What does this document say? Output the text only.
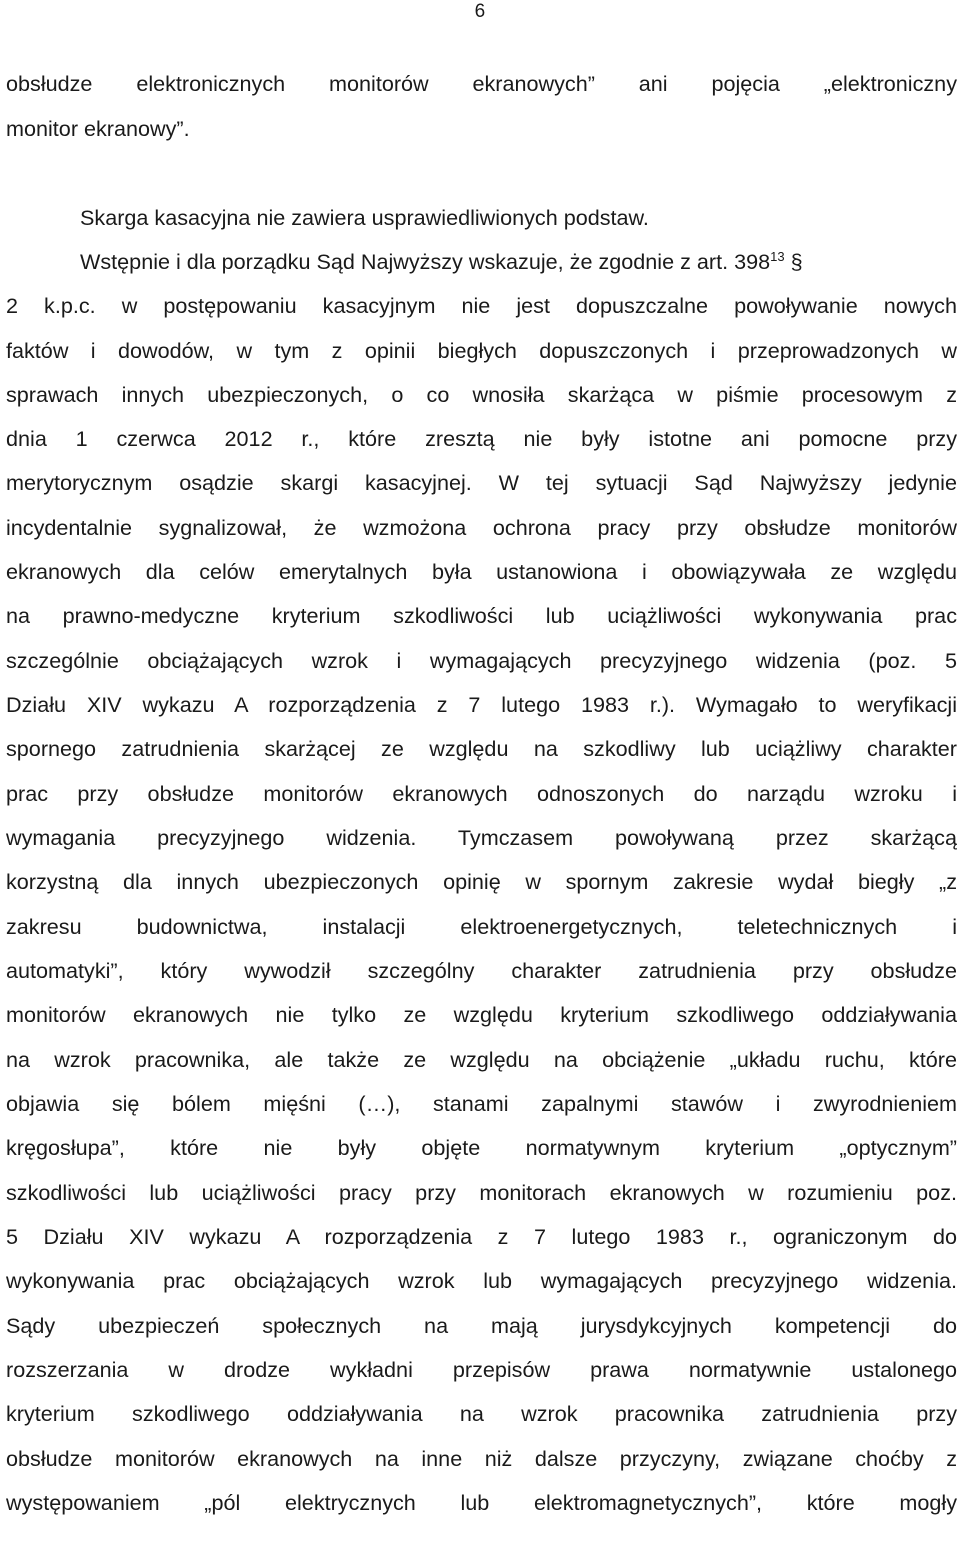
6
obsłudze elektronicznych monitorów ekranowych” ani pojęcia „elektroniczny
monitor ekranowy”.
Skarga kasacyjna nie zawiera usprawiedliwionych podstaw.
Wstępnie i dla porządku Sąd Najwyższy wskazuje, że zgodnie z art. $398^{13}$ §
2 k.p.c. w postępowaniu kasacyjnym nie jest dopuszczalne powoływanie nowych
faktów i dowodów, w tym z opinii biegłych dopuszczonych i przeprowadzonych w
sprawach innych ubezpieczonych, o co wnosiła skarżąca w piśmie procesowym z
dnia 1 czerwca 2012 r., które zresztą nie były istotne ani pomocne przy
merytorycznym osądzie skargi kasacyjnej. W tej sytuacji Sąd Najwyższy jedynie
incydentalnie sygnalizował, że wzmożona ochrona pracy przy obsłudze monitorów
ekranowych dla celów emerytalnych była ustanowiona i obowiązywała ze względu
na prawno-medyczne kryterium szkodliwości lub uciążliwości wykonywania prac
szczególnie obciążających wzrok i wymagających precyzyjnego widzenia (poz. 5
Działu XIV wykazu A rozporządzenia z 7 lutego 1983 r.). Wymagało to weryfikacji
spornego zatrudnienia skarżącej ze względu na szkodliwy lub uciążliwy charakter
prac przy obsłudze monitorów ekranowych odnoszonych do narządu wzroku i
wymagania precyzyjnego widzenia. Tymczasem powoływaną przez skarżącą
korzystną dla innych ubezpieczonych opinię w spornym zakresie wydał biegły „z
zakresu budownictwa, instalacji elektroenergetycznych, teletechnicznych i
automatyki”, który wywodził szczególny charakter zatrudnienia przy obsłudze
monitorów ekranowych nie tylko ze względu kryterium szkodliwego oddziaływania
na wzrok pracownika, ale także ze względu na obciążenie „układu ruchu, które
objawia się bólem mięśni (…), stanami zapalnymi stawów i zwyrodnieniem
kręgosłupa”, które nie były objęte normatywnym kryterium „optycznym”
szkodliwości lub uciążliwości pracy przy monitorach ekranowych w rozumieniu poz.
5 Działu XIV wykazu A rozporządzenia z 7 lutego 1983 r., ograniczonym do
wykonywania prac obciążających wzrok lub wymagających precyzyjnego widzenia.
Sądy ubezpieczeń społecznych na mają jurysdykcyjnych kompetencji do
rozszerzania w drodze wykładni przepisów prawa normatywnie ustalonego
kryterium szkodliwego oddziaływania na wzrok pracownika zatrudnienia przy
obsłudze monitorów ekranowych na inne niż dalsze przyczyny, związane choćby z
występowaniem „pól elektrycznych lub elektromagnetycznych”, które mogły
